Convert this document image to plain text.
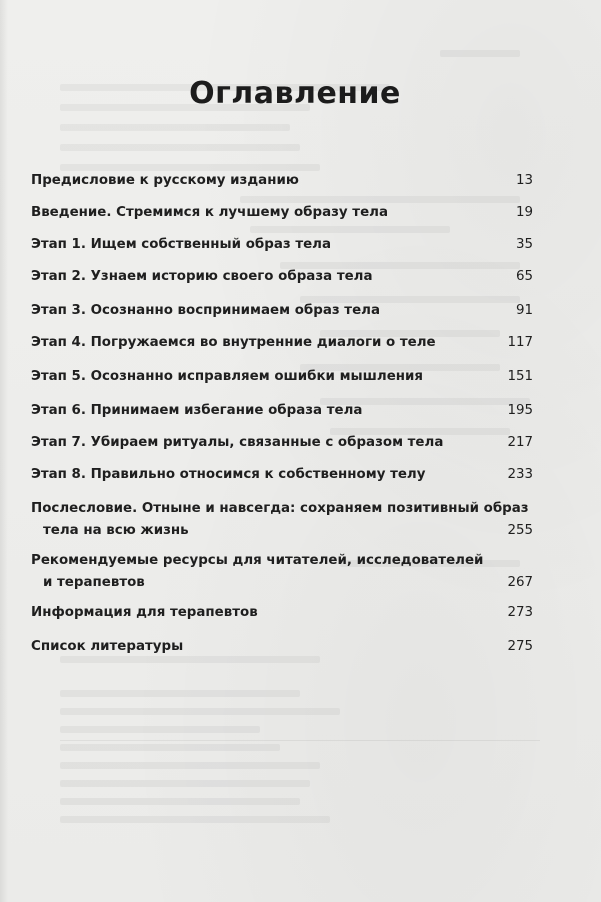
Оглавление
Предисловие к русскому изданию	13
Введение. Стремимся к лучшему образу тела	19
Этап 1. Ищем собственный образ тела	35
Этап 2. Узнаем историю своего образа тела	65
Этап 3. Осознанно воспринимаем образ тела	91
Этап 4. Погружаемся во внутренние диалоги о теле	117
Этап 5. Осознанно исправляем ошибки мышления	151
Этап 6. Принимаем избегание образа тела	195
Этап 7. Убираем ритуалы, связанные с образом тела	217
Этап 8. Правильно относимся к собственному телу	233
Послесловие. Отныне и навсегда: сохраняем позитивный образ
тела на всю жизнь	255
Рекомендуемые ресурсы для читателей, исследователей
и терапевтов	267
Информация для терапевтов	273
Список литературы	275
